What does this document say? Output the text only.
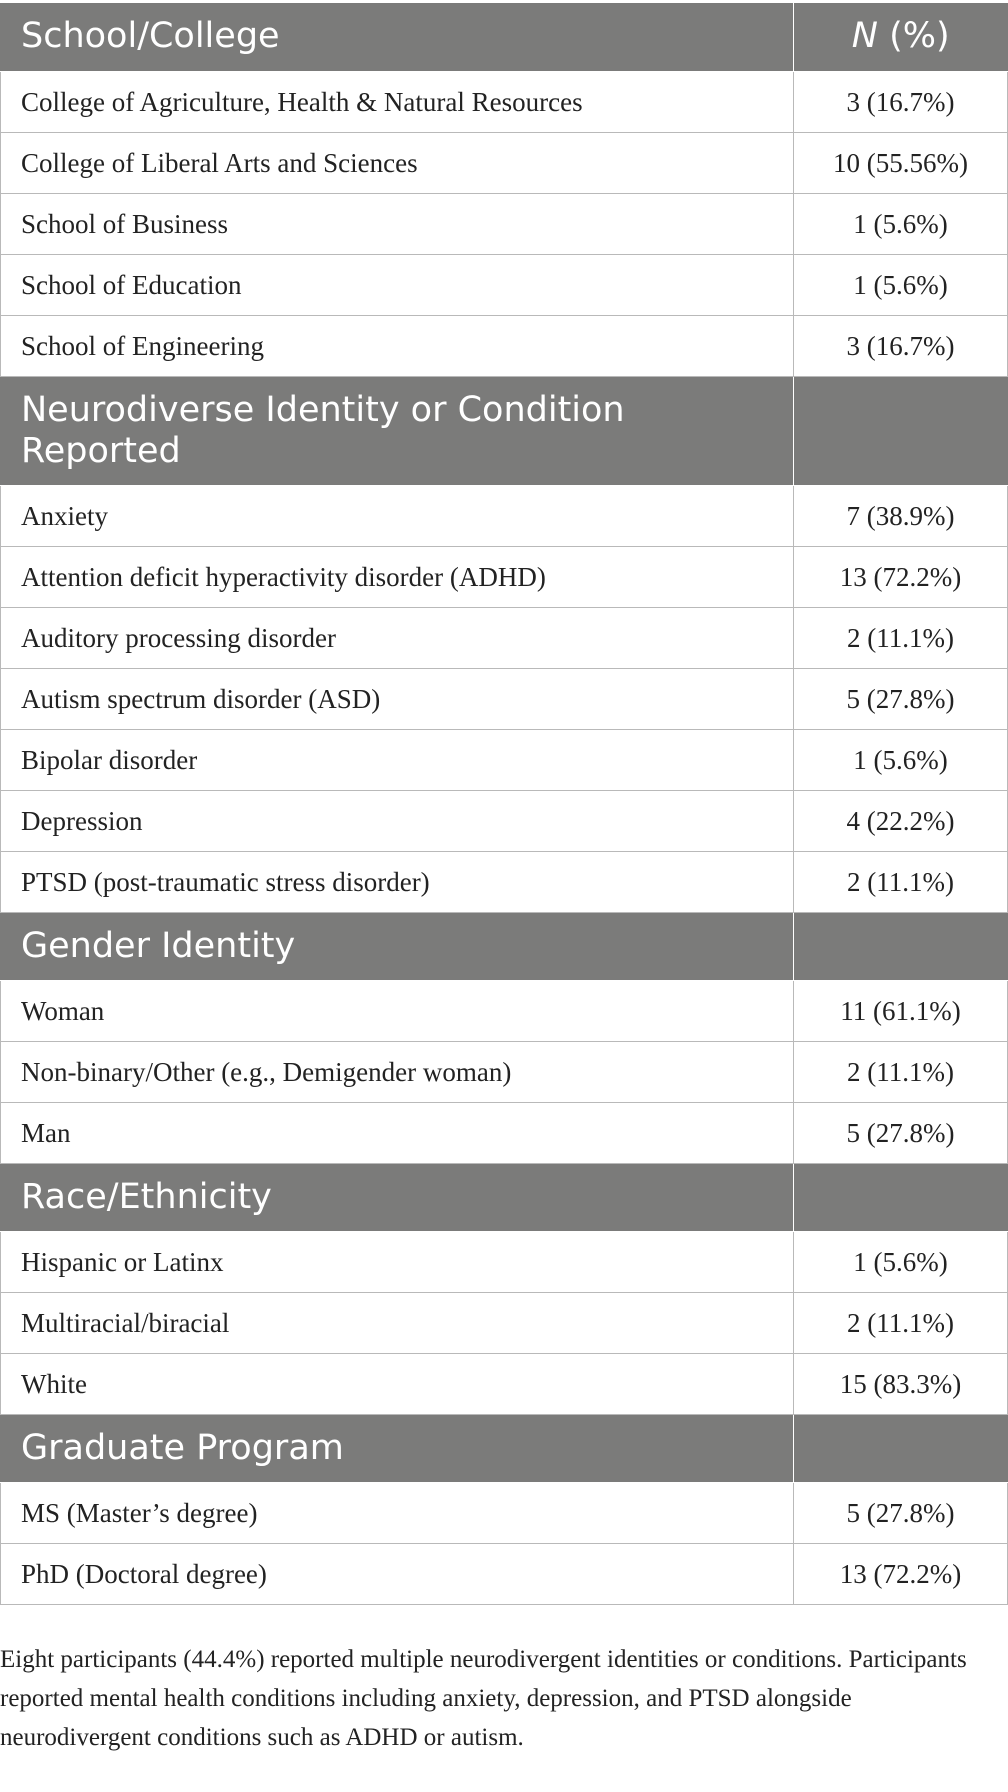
School/College	N (%)
College of Agriculture, Health & Natural Resources	3 (16.7%)
College of Liberal Arts and Sciences	10 (55.56%)
School of Business	1 (5.6%)
School of Education	1 (5.6%)
School of Engineering	3 (16.7%)
Neurodiverse Identity or Condition Reported	
Anxiety	7 (38.9%)
Attention deficit hyperactivity disorder (ADHD)	13 (72.2%)
Auditory processing disorder	2 (11.1%)
Autism spectrum disorder (ASD)	5 (27.8%)
Bipolar disorder	1 (5.6%)
Depression	4 (22.2%)
PTSD (post-traumatic stress disorder)	2 (11.1%)
Gender Identity	
Woman	11 (61.1%)
Non-binary/Other (e.g., Demigender woman)	2 (11.1%)
Man	5 (27.8%)
Race/Ethnicity	
Hispanic or Latinx	1 (5.6%)
Multiracial/biracial	2 (11.1%)
White	15 (83.3%)
Graduate Program	
MS (Master’s degree)	5 (27.8%)
PhD (Doctoral degree)	13 (72.2%)

Eight participants (44.4%) reported multiple neurodivergent identities or conditions. Participants reported mental health conditions including anxiety, depression, and PTSD alongside neurodivergent conditions such as ADHD or autism.
